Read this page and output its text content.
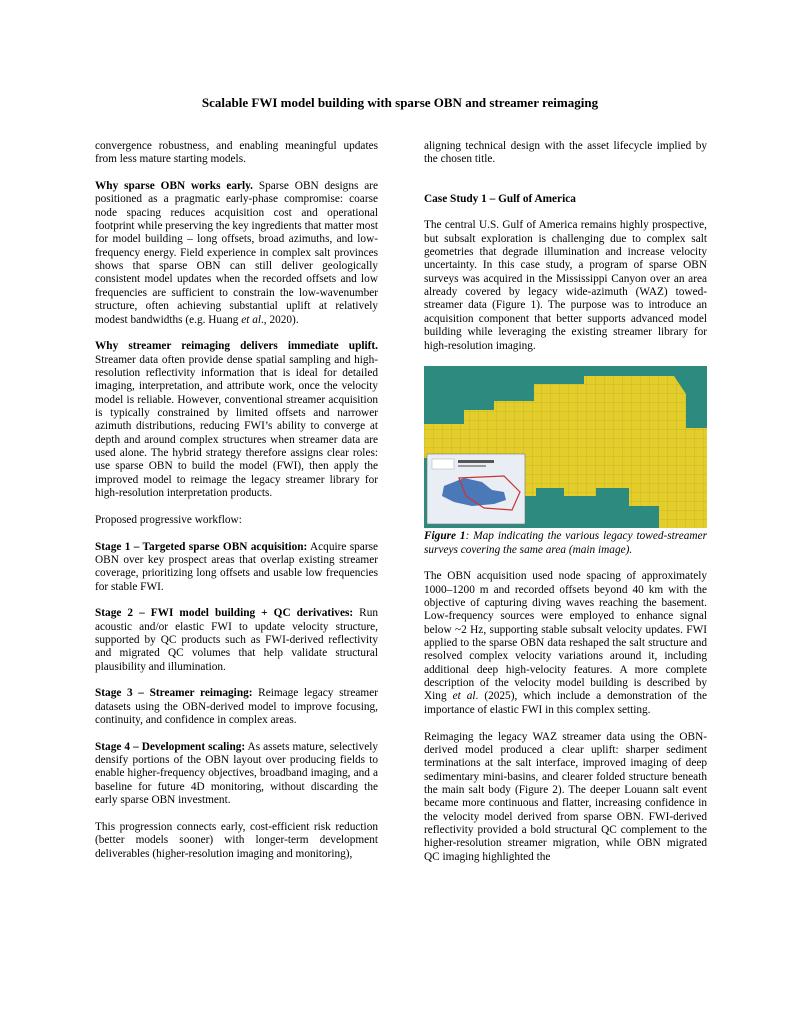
Scalable FWI model building with sparse OBN and streamer reimaging

convergence robustness, and enabling meaningful updates from less mature starting models.

Why sparse OBN works early. Sparse OBN designs are positioned as a pragmatic early-phase compromise: coarse node spacing reduces acquisition cost and operational footprint while preserving the key ingredients that matter most for model building – long offsets, broad azimuths, and low-frequency energy. Field experience in complex salt provinces shows that sparse OBN can still deliver geologically consistent model updates when the recorded offsets and low frequencies are sufficient to constrain the low-wavenumber structure, often achieving substantial uplift at relatively modest bandwidths (e.g. Huang et al., 2020).

Why streamer reimaging delivers immediate uplift. Streamer data often provide dense spatial sampling and high-resolution reflectivity information that is ideal for detailed imaging, interpretation, and attribute work, once the velocity model is reliable. However, conventional streamer acquisition is typically constrained by limited offsets and narrower azimuth distributions, reducing FWI’s ability to converge at depth and around complex structures when streamer data are used alone. The hybrid strategy therefore assigns clear roles: use sparse OBN to build the model (FWI), then apply the improved model to reimage the legacy streamer library for high-resolution interpretation products.

Proposed progressive workflow:

Stage 1 – Targeted sparse OBN acquisition: Acquire sparse OBN over key prospect areas that overlap existing streamer coverage, prioritizing long offsets and usable low frequencies for stable FWI.

Stage 2 – FWI model building + QC derivatives: Run acoustic and/or elastic FWI to update velocity structure, supported by QC products such as FWI-derived reflectivity and migrated QC volumes that help validate structural plausibility and illumination.

Stage 3 – Streamer reimaging: Reimage legacy streamer datasets using the OBN-derived model to improve focusing, continuity, and confidence in complex areas.

Stage 4 – Development scaling: As assets mature, selectively densify portions of the OBN layout over producing fields to enable higher-frequency objectives, broadband imaging, and a baseline for future 4D monitoring, without discarding the early sparse OBN investment.

This progression connects early, cost-efficient risk reduction (better models sooner) with longer-term development deliverables (higher-resolution imaging and monitoring),

aligning technical design with the asset lifecycle implied by the chosen title.

Case Study 1 – Gulf of America

The central U.S. Gulf of America remains highly prospective, but subsalt exploration is challenging due to complex salt geometries that degrade illumination and increase velocity uncertainty. In this case study, a program of sparse OBN surveys was acquired in the Mississippi Canyon over an area already covered by legacy wide-azimuth (WAZ) towed-streamer data (Figure 1). The purpose was to introduce an acquisition component that better supports advanced model building while leveraging the existing streamer library for high-resolution imaging.

Figure 1: Map indicating the various legacy towed-streamer surveys covering the same area (main image).

The OBN acquisition used node spacing of approximately 1000–1200 m and recorded offsets beyond 40 km with the objective of capturing diving waves reaching the basement. Low-frequency sources were employed to enhance signal below ~2 Hz, supporting stable subsalt velocity updates. FWI applied to the sparse OBN data reshaped the salt structure and resolved complex velocity variations around it, including additional deep high-velocity features. A more complete description of the velocity model building is described by Xing et al. (2025), which include a demonstration of the importance of elastic FWI in this complex setting.

Reimaging the legacy WAZ streamer data using the OBN-derived model produced a clear uplift: sharper sediment terminations at the salt interface, improved imaging of deep sedimentary mini-basins, and clearer folded structure beneath the main salt body (Figure 2). The deeper Louann salt event became more continuous and flatter, increasing confidence in the velocity model derived from sparse OBN. FWI-derived reflectivity provided a bold structural QC complement to the higher-resolution streamer migration, while OBN migrated QC imaging highlighted the
